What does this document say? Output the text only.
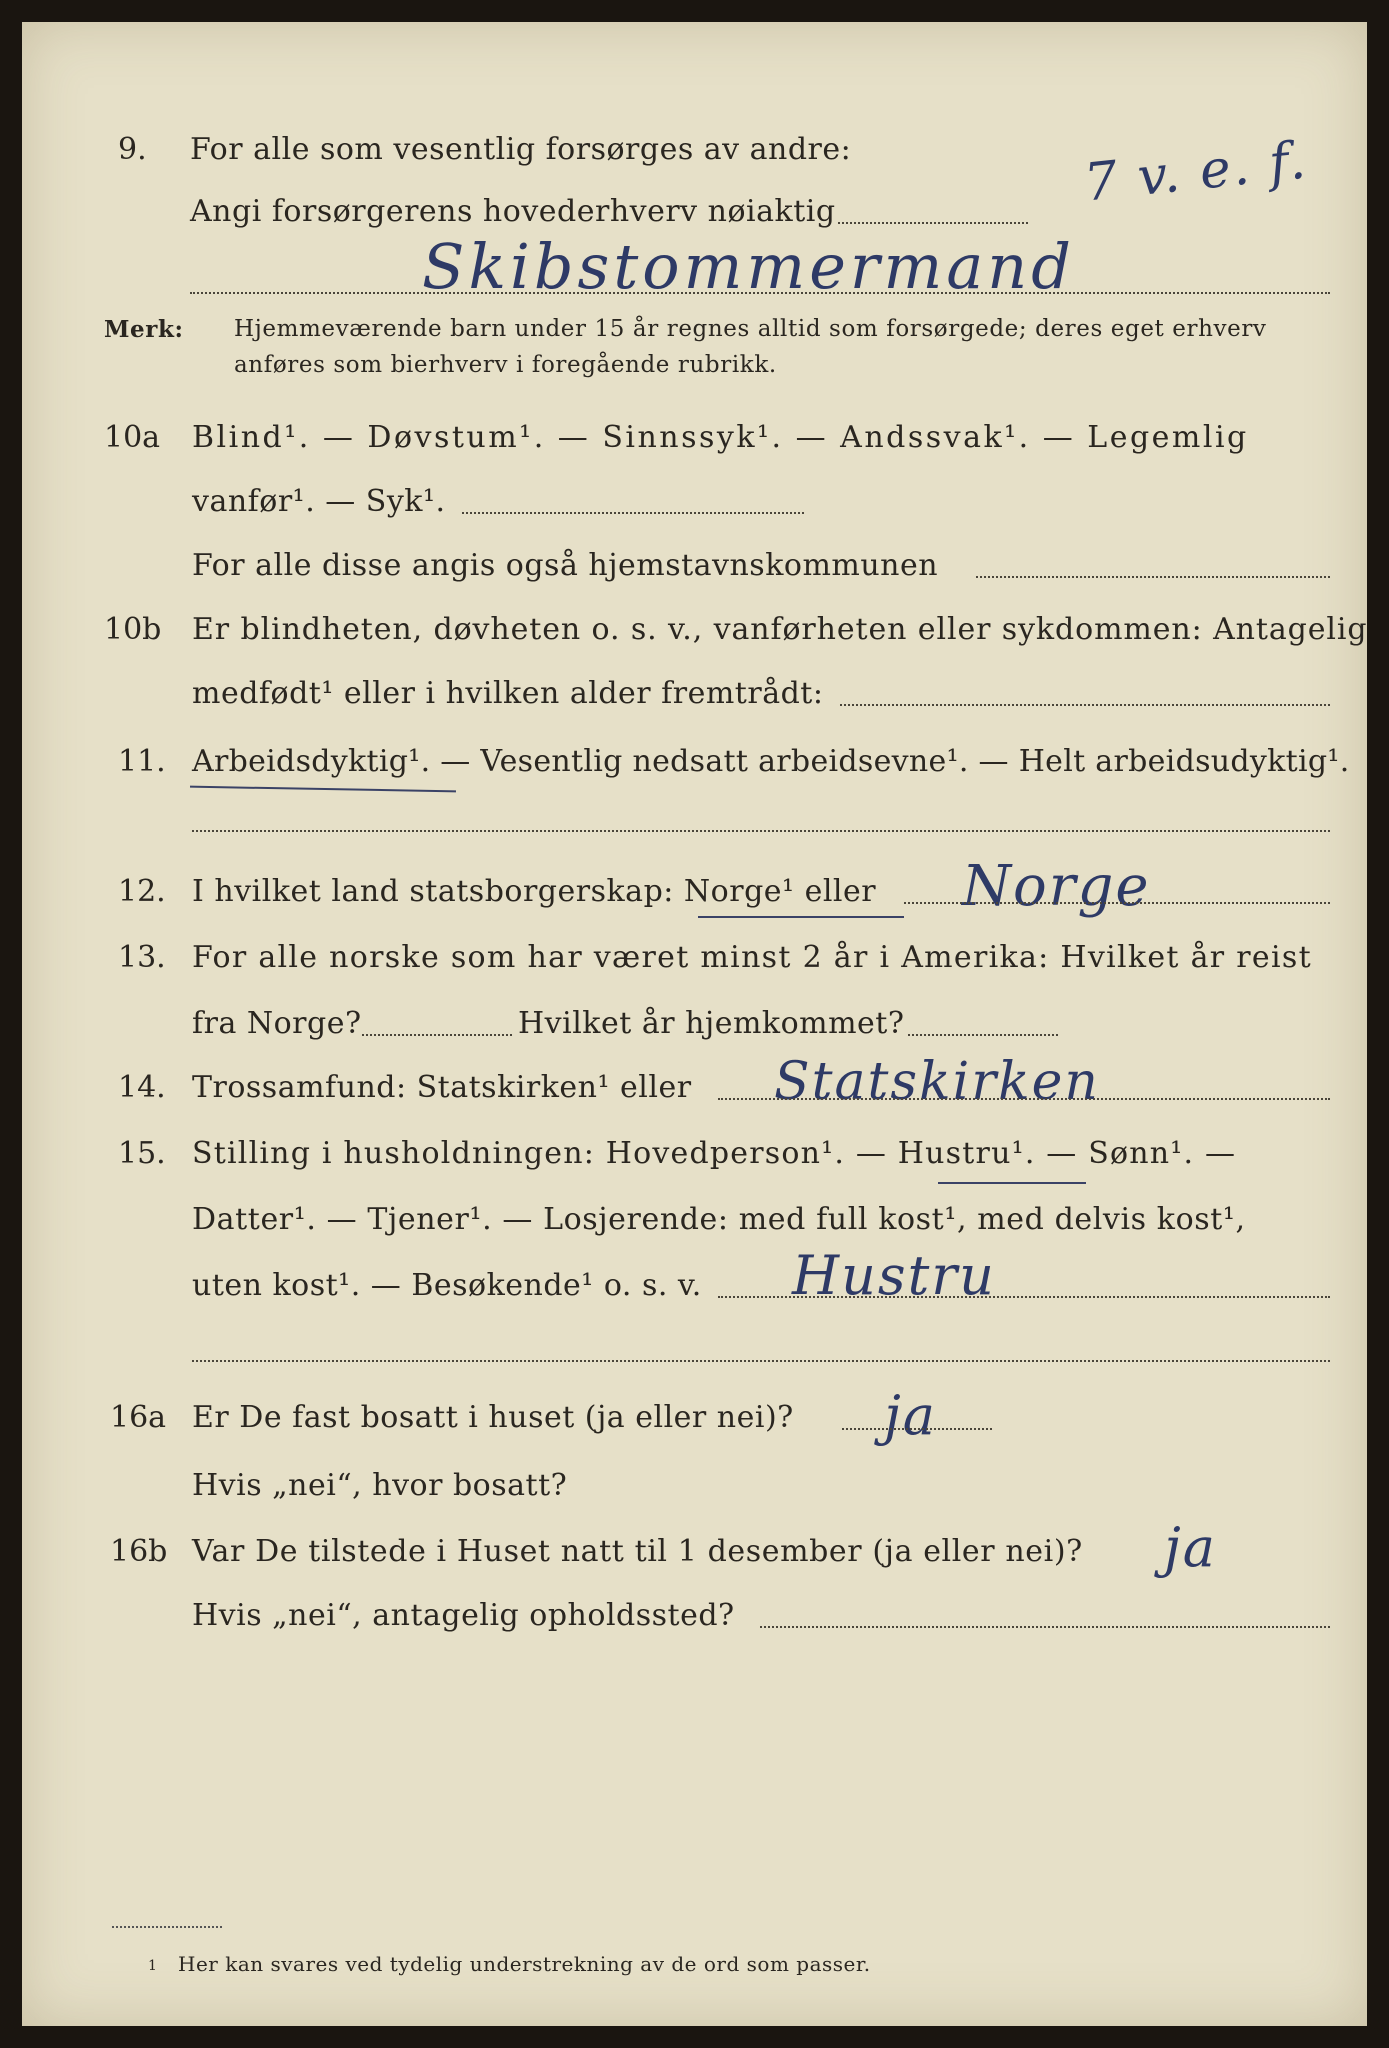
9. For alle som vesentlig forsørges av andre:	7 v. e. f.
Angi forsørgerens hovederhverv nøiaktig
Skibstommermand
Merk: Hjemmeværende barn under 15 år regnes alltid som forsørgede; deres eget erhverv
anføres som bierhverv i foregående rubrikk.
10a Blind¹. — Døvstum¹. — Sinnssyk¹. — Andssvak¹. — Legemlig
vanfør¹. — Syk¹.
For alle disse angis også hjemstavnskommunen
10b Er blindheten, døvheten o. s. v., vanførheten eller sykdommen: Antagelig
medfødt¹ eller i hvilken alder fremtrådt:
11. Arbeidsdyktig¹. — Vesentlig nedsatt arbeidsevne¹. — Helt arbeidsudyktig¹.
12. I hvilket land statsborgerskap: Norge¹ eller Norge
13. For alle norske som har været minst 2 år i Amerika: Hvilket år reist
fra Norge?	Hvilket år hjemkommet?
14. Trossamfund: Statskirken¹ eller Statskirken
15. Stilling i husholdningen: Hovedperson¹. — Hustru¹. — Sønn¹. —
Datter¹. — Tjener¹. — Losjerende: med full kost¹, med delvis kost¹,
uten kost¹. — Besøkende¹ o. s. v. Hustru
16a Er De fast bosatt i huset (ja eller nei)? ja
Hvis „nei“, hvor bosatt?
16b Var De tilstede i Huset natt til 1 desember (ja eller nei)? ja
Hvis „nei“, antagelig opholdssted?
1 Her kan svares ved tydelig understrekning av de ord som passer.
